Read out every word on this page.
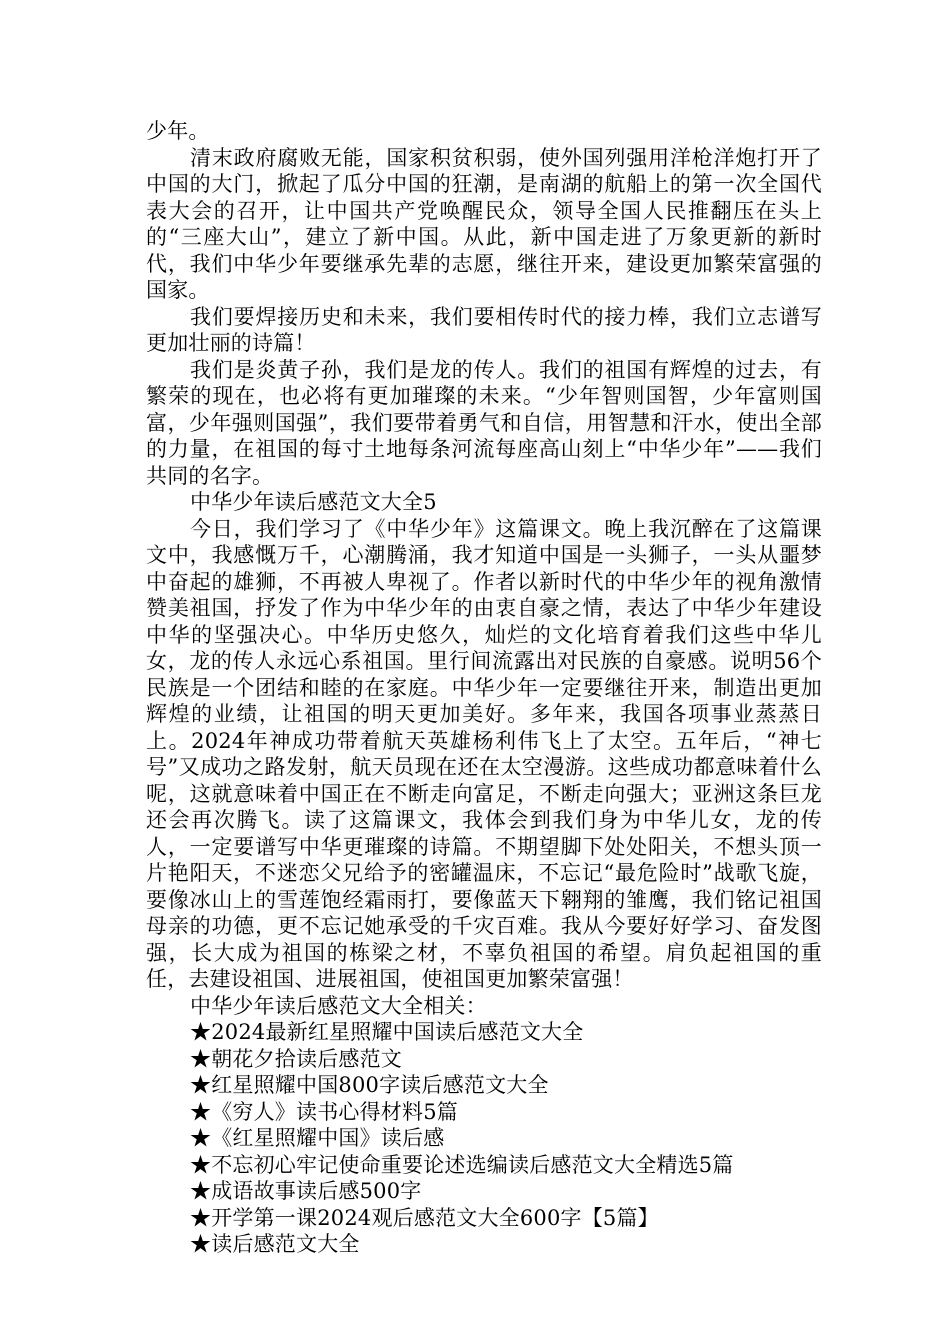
少年。

清末政府腐败无能，国家积贫积弱，使外国列强用洋枪洋炮打开了中国的大门，掀起了瓜分中国的狂潮，是南湖的航船上的第一次全国代表大会的召开，让中国共产党唤醒民众，领导全国人民推翻压在头上的“三座大山”，建立了新中国。从此，新中国走进了万象更新的新时代，我们中华少年要继承先辈的志愿，继往开来，建设更加繁荣富强的国家。

我们要焊接历史和未来，我们要相传时代的接力棒，我们立志谱写更加壮丽的诗篇！

我们是炎黄子孙，我们是龙的传人。我们的祖国有辉煌的过去，有繁荣的现在，也必将有更加璀璨的未来。“少年智则国智，少年富则国富，少年强则国强”，我们要带着勇气和自信，用智慧和汗水，使出全部的力量，在祖国的每寸土地每条河流每座高山刻上“中华少年”——我们共同的名字。

中华少年读后感范文大全5

今日，我们学习了《中华少年》这篇课文。晚上我沉醉在了这篇课文中，我感慨万千，心潮腾涌，我才知道中国是一头狮子，一头从噩梦中奋起的雄狮，不再被人卑视了。作者以新时代的中华少年的视角激情赞美祖国，抒发了作为中华少年的由衷自豪之情，表达了中华少年建设中华的坚强决心。中华历史悠久，灿烂的文化培育着我们这些中华儿女，龙的传人永远心系祖国。里行间流露出对民族的自豪感。说明56个民族是一个团结和睦的在家庭。中华少年一定要继往开来，制造出更加辉煌的业绩，让祖国的明天更加美好。多年来，我国各项事业蒸蒸日上。2024年神成功带着航天英雄杨利伟飞上了太空。五年后，“神七号”又成功之路发射，航天员现在还在太空漫游。这些成功都意味着什么呢，这就意味着中国正在不断走向富足，不断走向强大；亚洲这条巨龙还会再次腾飞。读了这篇课文，我体会到我们身为中华儿女，龙的传人，一定要谱写中华更璀璨的诗篇。不期望脚下处处阳关，不想头顶一片艳阳天，不迷恋父兄给予的密罐温床，不忘记“最危险时”战歌飞旋，要像冰山上的雪莲饱经霜雨打，要像蓝天下翱翔的雏鹰，我们铭记祖国母亲的功德，更不忘记她承受的千灾百难。我从今要好好学习、奋发图强，长大成为祖国的栋梁之材，不辜负祖国的希望。肩负起祖国的重任，去建设祖国、进展祖国，使祖国更加繁荣富强！

中华少年读后感范文大全相关：

★2024最新红星照耀中国读后感范文大全
★朝花夕拾读后感范文
★红星照耀中国800字读后感范文大全
★《穷人》读书心得材料5篇
★《红星照耀中国》读后感
★不忘初心牢记使命重要论述选编读后感范文大全精选5篇
★成语故事读后感500字
★开学第一课2024观后感范文大全600字【5篇】
★读后感范文大全
